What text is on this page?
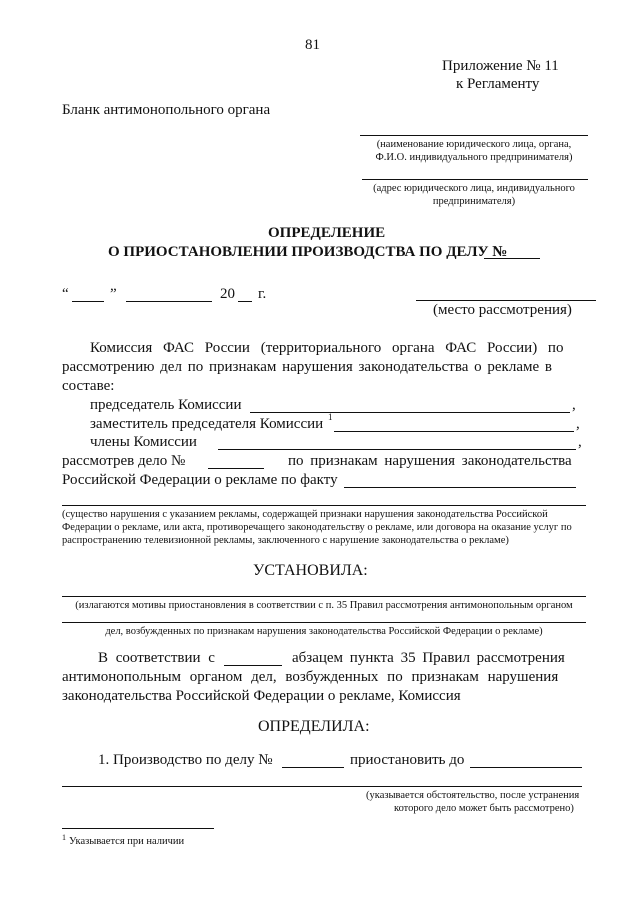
81
Приложение № 11
к Регламенту
Бланк антимонопольного органа
(наименование юридического лица, органа,
Ф.И.О. индивидуального предпринимателя)
(адрес юридического лица, индивидуального
предпринимателя)
ОПРЕДЕЛЕНИЕ
О ПРИОСТАНОВЛЕНИИ ПРОИЗВОДСТВА ПО ДЕЛУ №
“	”	20 г.
(место рассмотрения)
Комиссия ФАС России (территориального органа ФАС России) по
рассмотрению дел по признакам нарушения законодательства о рекламе в
составе:
председатель Комиссии	,
заместитель председателя Комиссии 1	,
члены Комиссии	,
рассмотрев дело №	по признакам нарушения законодательства
Российской Федерации о рекламе по факту
(существо нарушения с указанием рекламы, содержащей признаки нарушения законодательства Российской
Федерации о рекламе, или акта, противоречащего законодательству о рекламе, или договора на оказание услуг по
распространению телевизионной рекламы, заключенного с нарушение законодательства о рекламе)
УСТАНОВИЛА:
(излагаются мотивы приостановления в соответствии с п. 35 Правил рассмотрения антимонопольным органом
дел, возбужденных по признакам нарушения законодательства Российской Федерации о рекламе)
В соответствии с	абзацем пункта 35 Правил рассмотрения
антимонопольным органом дел, возбужденных по признакам нарушения
законодательства Российской Федерации о рекламе, Комиссия
ОПРЕДЕЛИЛА:
1. Производство по делу №	приостановить до
(указывается обстоятельство, после устранения
которого дело может быть рассмотрено)
1 Указывается при наличии
